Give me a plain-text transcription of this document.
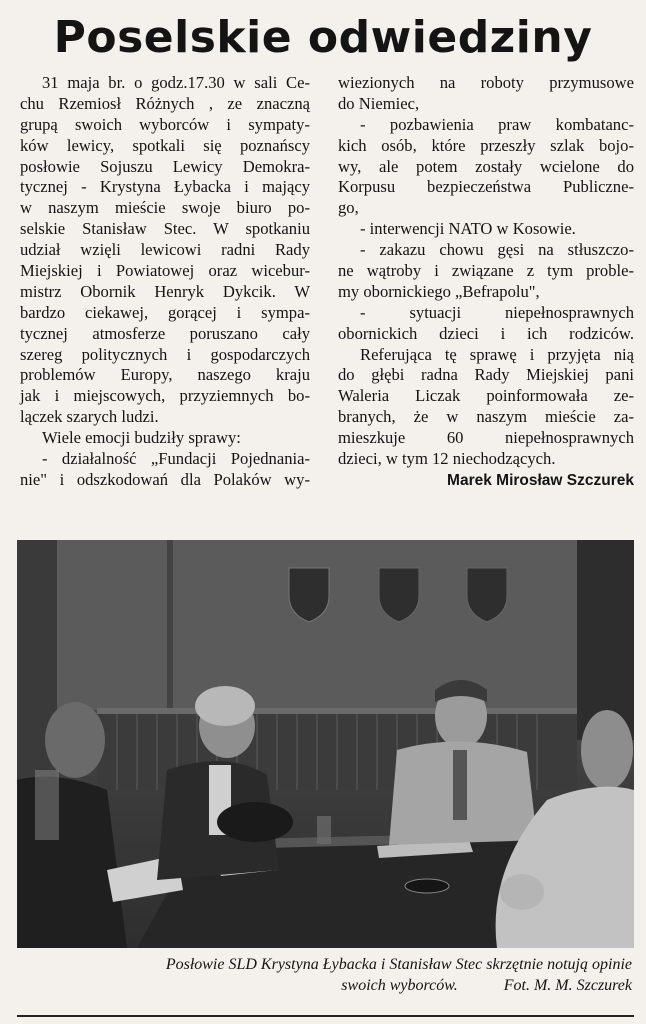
Poselskie odwiedziny
31 maja br. o godz.17.30 w sali Ce-
chu Rzemiosł Różnych , ze znaczną
grupą swoich wyborców i sympaty-
ków lewicy, spotkali się poznańscy
posłowie Sojuszu Lewicy Demokra-
tycznej - Krystyna Łybacka i mający
w naszym mieście swoje biuro po-
selskie Stanisław Stec. W spotkaniu
udział wzięli lewicowi radni Rady
Miejskiej i Powiatowej oraz wicebur-
mistrz Obornik Henryk Dykcik. W
bardzo ciekawej, gorącej i sympa-
tycznej atmosferze poruszano cały
szereg politycznych i gospodarczych
problemów Europy, naszego kraju
jak i miejscowych, przyziemnych bo-
lączek szarych ludzi.
Wiele emocji budziły sprawy:
- działalność „Fundacji Pojednania-
nie" i odszkodowań dla Polaków wy-
wiezionych na roboty przymusowe
do Niemiec,
- pozbawienia praw kombatanc-
kich osób, które przeszły szlak bojo-
wy, ale potem zostały wcielone do
Korpusu bezpieczeństwa Publiczne-
go,
- interwencji NATO w Kosowie.
- zakazu chowu gęsi na stłuszczo-
ne wątroby i związane z tym proble-
my obornickiego „Befrapolu",
- sytuacji niepełnosprawnych
obornickich dzieci i ich rodziców.
Referująca tę sprawę i przyjęta nią
do głębi radna Rady Miejskiej pani
Waleria Liczak poinformowała ze-
branych, że w naszym mieście za-
mieszkuje 60 niepełnosprawnych
dzieci, w tym 12 niechodzących.
Marek Mirosław Szczurek
Posłowie SLD Krystyna Łybacka i Stanisław Stec skrzętnie notują opinie
swoich wyborców.	Fot. M. M. Szczurek
